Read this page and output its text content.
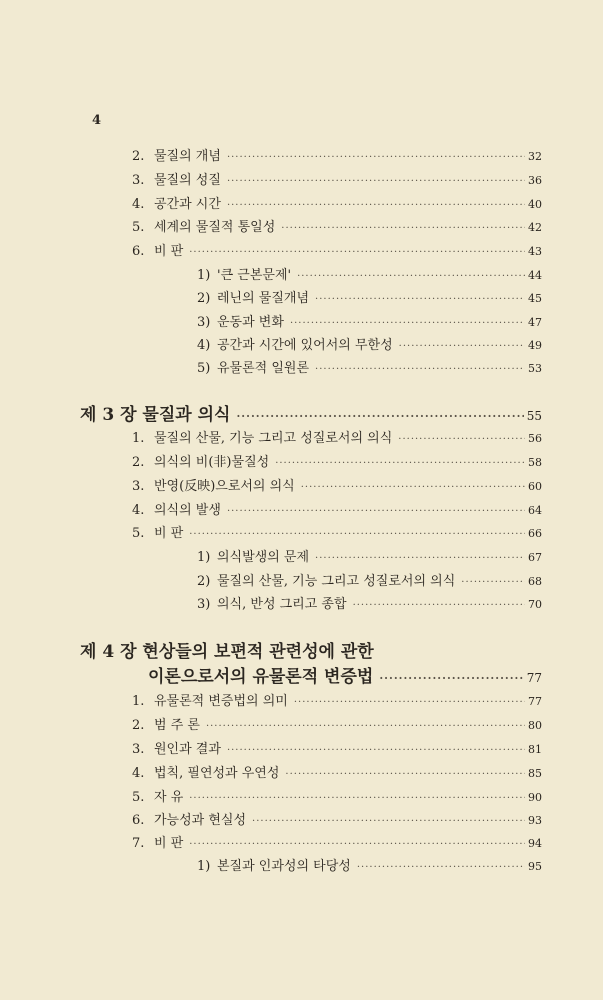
4
2. 물질의 개념 ·····	32
3. 물질의 성질 ·····	36
4. 공간과 시간 ·····	40
5. 세계의 물질적 통일성 ·····	42
6. 비 판 ·····	43
1) '큰 근본문제' ·····	44
2) 레닌의 물질개념 ·····	45
3) 운동과 변화 ·····	47
4) 공간과 시간에 있어서의 무한성 ·····	49
5) 유물론적 일원론 ·····	53
제 3 장 물질과 의식 ·····	55
1. 물질의 산물, 기능 그리고 성질로서의 의식 ·····	56
2. 의식의 비(非)물질성 ·····	58
3. 반영(反映)으로서의 의식 ·····	60
4. 의식의 발생 ·····	64
5. 비 판 ·····	66
1) 의식발생의 문제 ·····	67
2) 물질의 산물, 기능 그리고 성질로서의 의식 ·····	68
3) 의식, 반성 그리고 종합 ·····	70
제 4 장 현상들의 보편적 관련성에 관한
이론으로서의 유물론적 변증법 ·····	77
1. 유물론적 변증법의 의미 ·····	77
2. 범 주 론 ·····	80
3. 원인과 결과 ·····	81
4. 법칙, 필연성과 우연성 ·····	85
5. 자 유 ·····	90
6. 가능성과 현실성 ·····	93
7. 비 판 ·····	94
1) 본질과 인과성의 타당성 ·····	95
